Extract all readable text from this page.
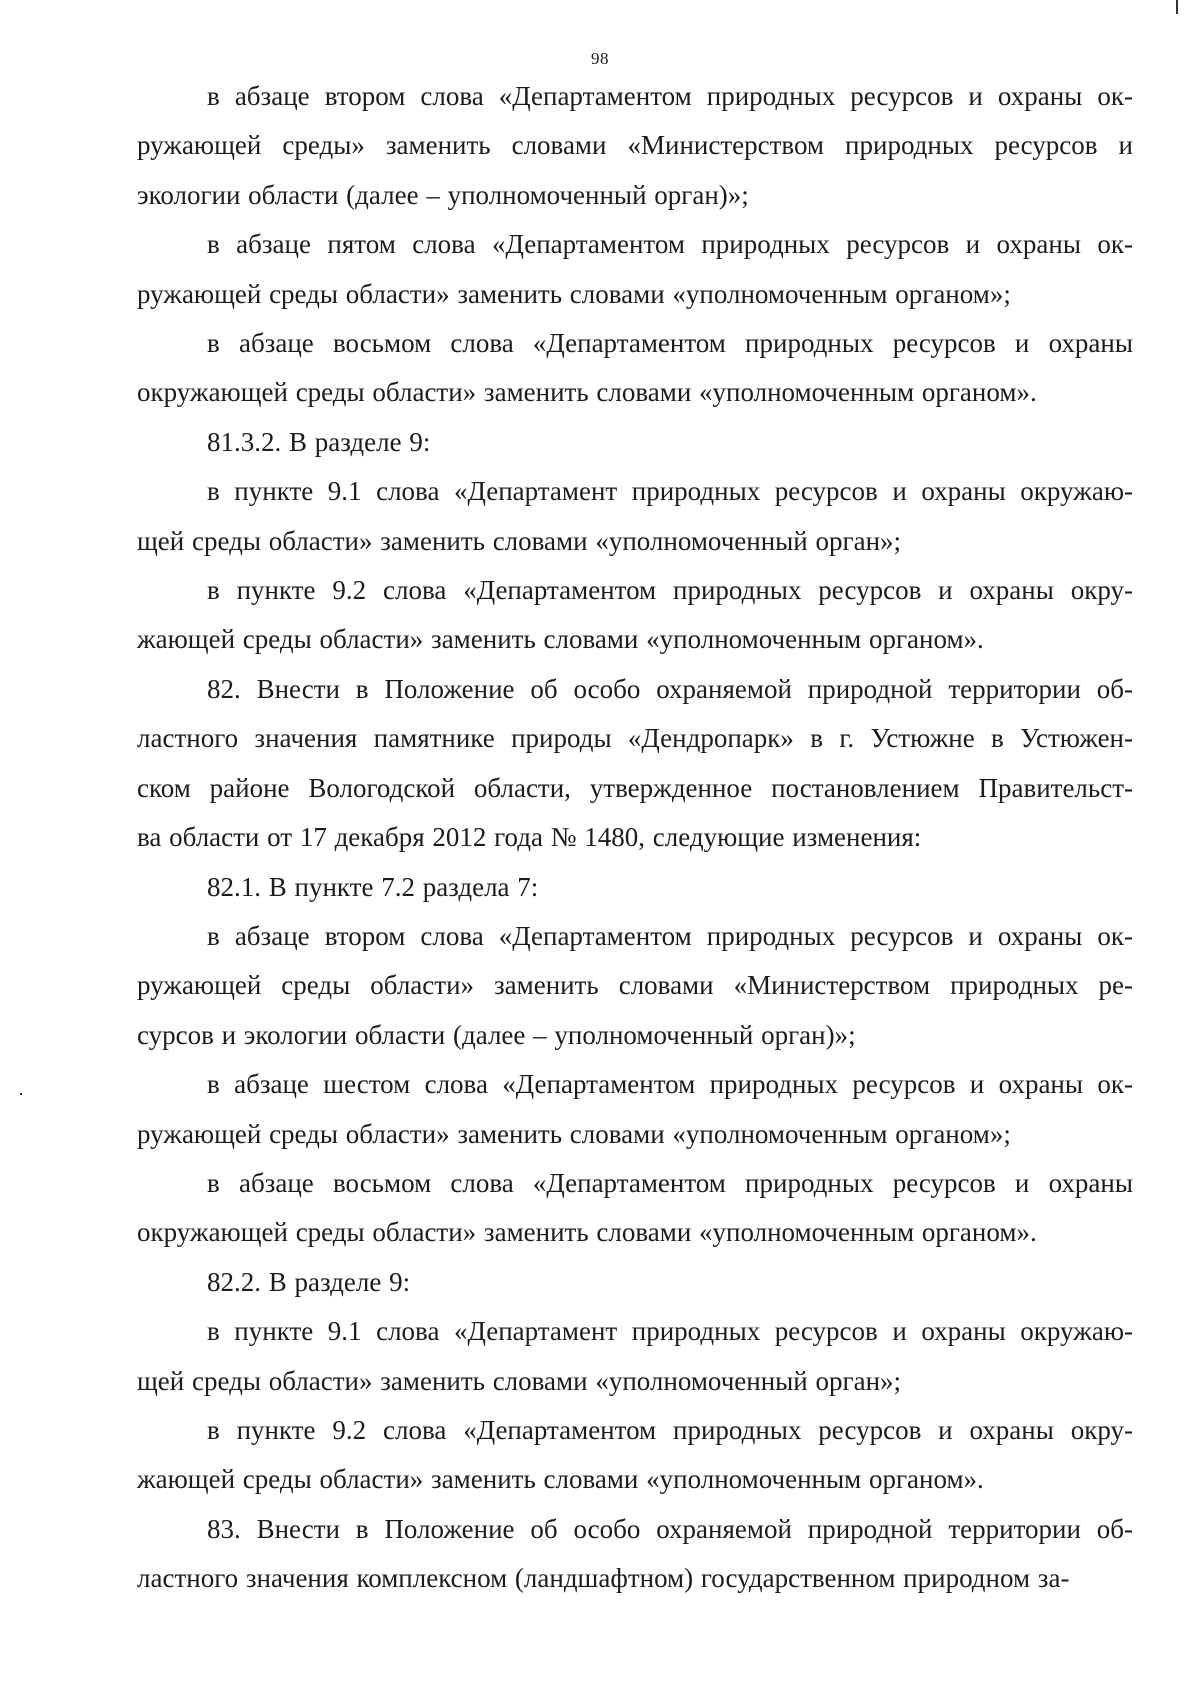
98

в абзаце втором слова «Департаментом природных ресурсов и охраны ок-
ружающей среды» заменить словами «Министерством природных ресурсов и
экологии области (далее – уполномоченный орган)»;

в абзаце пятом слова «Департаментом природных ресурсов и охраны ок-
ружающей среды области» заменить словами «уполномоченным органом»;

в абзаце восьмом слова «Департаментом природных ресурсов и охраны
окружающей среды области» заменить словами «уполномоченным органом».

81.3.2. В разделе 9:

в пункте 9.1 слова «Департамент природных ресурсов и охраны окружаю-
щей среды области» заменить словами «уполномоченный орган»;

в пункте 9.2 слова «Департаментом природных ресурсов и охраны окру-
жающей среды области» заменить словами «уполномоченным органом».

82. Внести в Положение об особо охраняемой природной территории об-
ластного значения памятнике природы «Дендропарк» в г. Устюжне в Устюжен-
ском районе Вологодской области, утвержденное постановлением Правительст-
ва области от 17 декабря 2012 года № 1480, следующие изменения:

82.1. В пункте 7.2 раздела 7:

в абзаце втором слова «Департаментом природных ресурсов и охраны ок-
ружающей среды области» заменить словами «Министерством природных ре-
сурсов и экологии области (далее – уполномоченный орган)»;

в абзаце шестом слова «Департаментом природных ресурсов и охраны ок-
ружающей среды области» заменить словами «уполномоченным органом»;

в абзаце восьмом слова «Департаментом природных ресурсов и охраны
окружающей среды области» заменить словами «уполномоченным органом».

82.2. В разделе 9:

в пункте 9.1 слова «Департамент природных ресурсов и охраны окружаю-
щей среды области» заменить словами «уполномоченный орган»;

в пункте 9.2 слова «Департаментом природных ресурсов и охраны окру-
жающей среды области» заменить словами «уполномоченным органом».

83. Внести в Положение об особо охраняемой природной территории об-
ластного значения комплексном (ландшафтном) государственном природном за-
